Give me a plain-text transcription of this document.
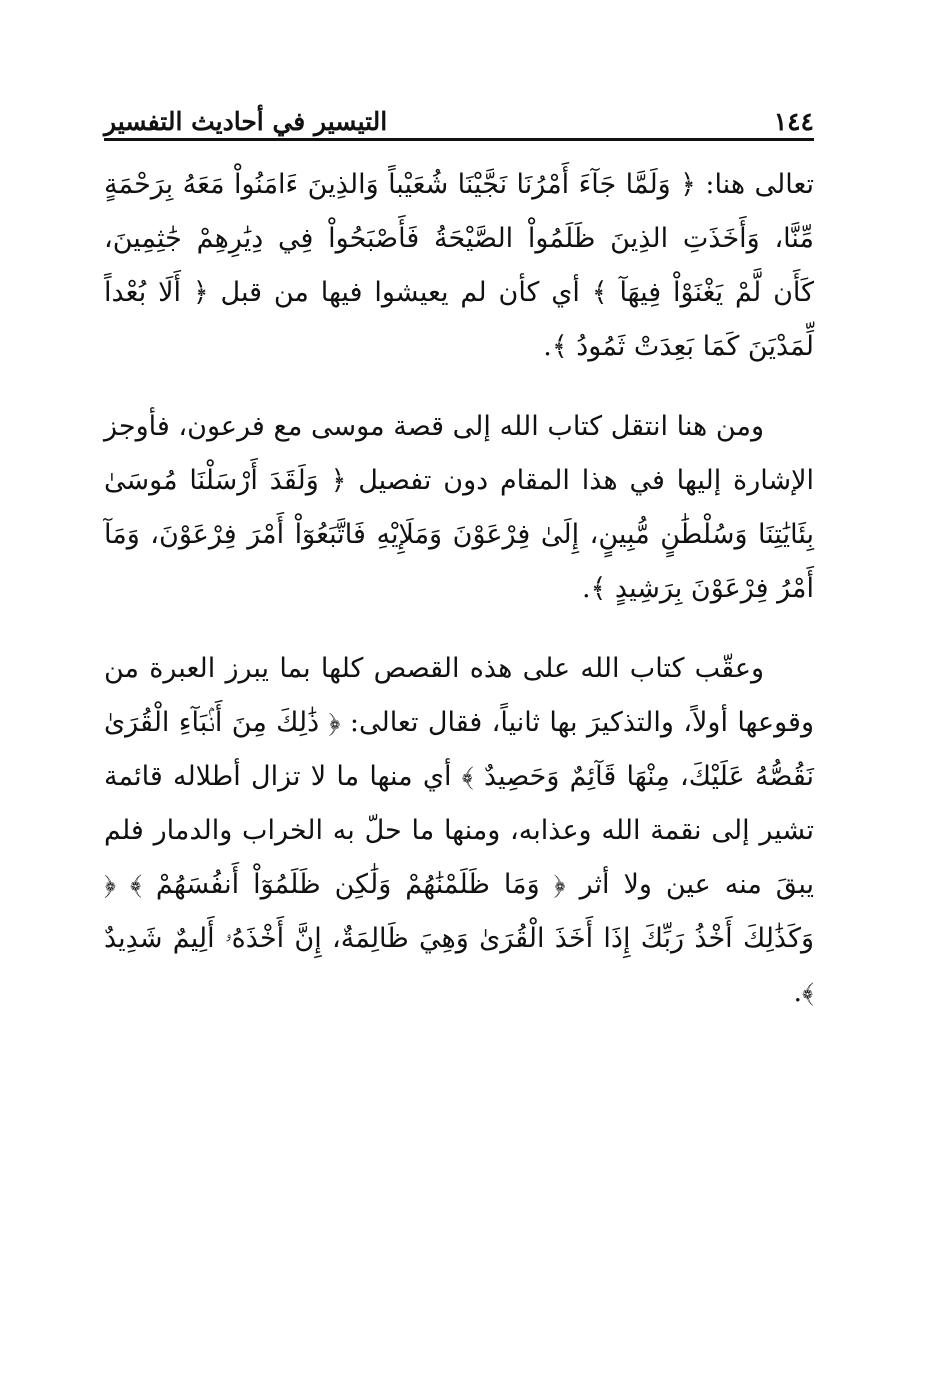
١٤٤
التيسير في أحاديث التفسير

تعالى هنا: ﴿ وَلَمَّا جَآءَ أَمْرُنَا نَجَّيْنَا شُعَيْباً وَالذِينَ ءَامَنُواْ مَعَهُ بِرَحْمَةٍ مِّنَّا، وَأَخَذَتِ الذِينَ ظَلَمُواْ الصَّيْحَةُ فَأَصْبَحُواْ فِي دِيَٰرِهِمْ جَٰثِمِينَ، كَأَن لَّمْ يَغْنَوْاْ فِيهَآ ﴾ أي كأن لم يعيشوا فيها من قبل ﴿ أَلَا بُعْداً لِّمَدْيَنَ كَمَا بَعِدَتْ ثَمُودُ ﴾.

ومن هنا انتقل كتاب الله إلى قصة موسى مع فرعون، فأوجز الإشارة إليها في هذا المقام دون تفصيل ﴿ وَلَقَدَ أَرْسَلْنَا مُوسَىٰ بِئَايَٰتِنَا وَسُلْطَٰنٍ مُّبِينٍ، إِلَىٰ فِرْعَوْنَ وَمَلَإِيْهِ فَاتَّبَعُوٓاْ أَمْرَ فِرْعَوْنَ، وَمَآ أَمْرُ فِرْعَوْنَ بِرَشِيدٍ ﴾.

وعقّب كتاب الله على هذه القصص كلها بما يبرز العبرة من وقوعها أولاً، والتذكيرَ بها ثانياً، فقال تعالى: ﴿ ذَٰلِكَ مِنَ أَنۢبَآءِ الْقُرَىٰ نَقُصُّهُ عَلَيْكَ، مِنْهَا قَآئِمٌ وَحَصِيدٌ ﴾ أي منها ما لا تزال أطلاله قائمة تشير إلى نقمة الله وعذابه، ومنها ما حلّ به الخراب والدمار فلم يبقَ منه عين ولا أثر ﴿ وَمَا ظَلَمْنَٰهُمْ وَلَٰكِن ظَلَمُوٓاْ أَنفُسَهُمْ ﴾ ﴿ وَكَذَٰلِكَ أَخْذُ رَبِّكَ إِذَا أَخَذَ الْقُرَىٰ وَهِيَ ظَالِمَةٌ، إِنَّ أَخْذَهُۥ أَلِيمٌ شَدِيدٌ ﴾.
